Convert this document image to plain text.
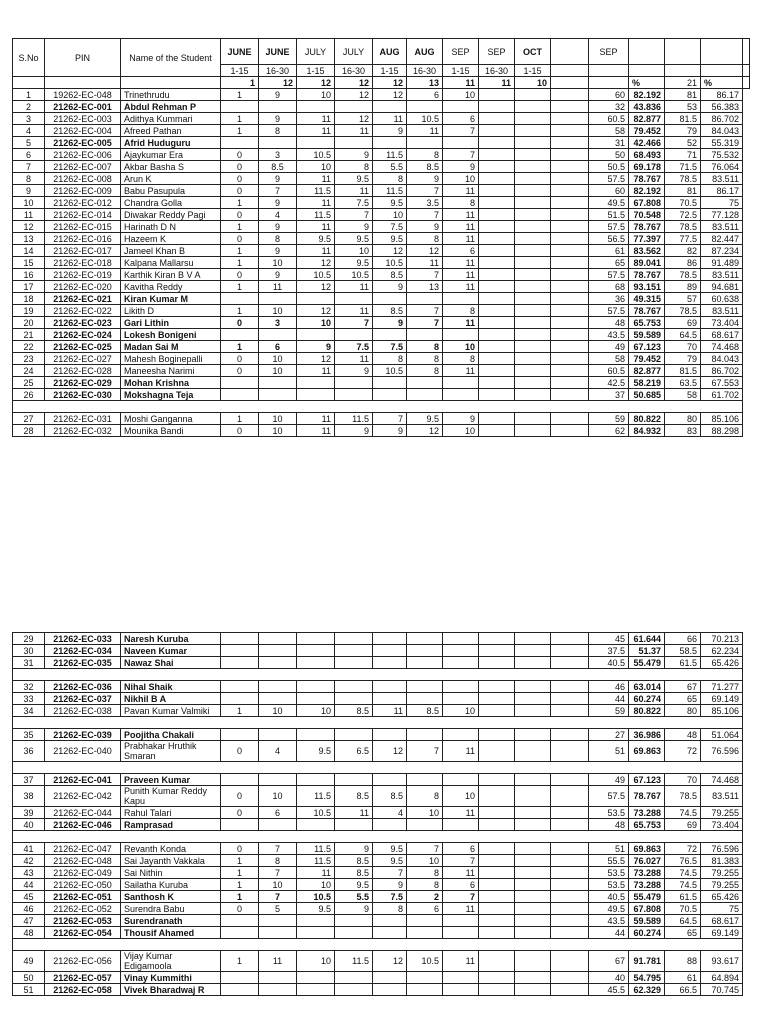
S.No	PIN	Name of the Student	JUNE	JUNE	JULY	JULY	AUG	AUG	SEP	SEP	OCT		SEP				
			1-15	16-30	1-15	16-30	1-15	16-30	1-15	16-30	1-15						
			1	12	12	12	12	13	11	11	10			%	21	%	
1	19262-EC-048	Trinethrudu	1	9	10	12	12	6	10				60	82.192	81	86.17	
2	21262-EC-001	Abdul Rehman P											32	43.836	53	56.383	
3	21262-EC-003	Adithya Kummari	1	9	11	12	11	10.5	6				60.5	82.877	81.5	86.702	
4	21262-EC-004	Afreed Pathan	1	8	11	11	9	11	7				58	79.452	79	84.043	
5	21262-EC-005	Afrid Huduguru											31	42.466	52	55.319	
6	21262-EC-006	Ajaykumar Era	0	3	10.5	9	11.5	8	7				50	68.493	71	75.532	
7	21262-EC-007	Akbar Basha S	0	8.5	10	8	5.5	8.5	9				50.5	69.178	71.5	76.064	
8	21262-EC-008	Arun K	0	9	11	9.5	8	9	10				57.5	78.767	78.5	83.511	
9	21262-EC-009	Babu Pasupula	0	7	11.5	11	11.5	7	11				60	82.192	81	86.17	
10	21262-EC-012	Chandra Golla	1	9	11	7.5	9.5	3.5	8				49.5	67.808	70.5	75	
11	21262-EC-014	Diwakar Reddy Pagi	0	4	11.5	7	10	7	11				51.5	70.548	72.5	77.128	
12	21262-EC-015	Harinath D N	1	9	11	9	7.5	9	11				57.5	78.767	78.5	83.511	
13	21262-EC-016	Hazeem K	0	8	9.5	9.5	9.5	8	11				56.5	77.397	77.5	82.447	
14	21262-EC-017	Jameel Khan B	1	9	11	10	12	12	6				61	83.562	82	87.234	
15	21262-EC-018	Kalpana Mallarsu	1	10	12	9.5	10.5	11	11				65	89.041	86	91.489	
16	21262-EC-019	Karthik Kiran B V A	0	9	10.5	10.5	8.5	7	11				57.5	78.767	78.5	83.511	
17	21262-EC-020	Kavitha Reddy	1	11	12	11	9	13	11				68	93.151	89	94.681	
18	21262-EC-021	Kiran Kumar M											36	49.315	57	60.638	
19	21262-EC-022	Likith D	1	10	12	11	8.5	7	8				57.5	78.767	78.5	83.511	
20	21262-EC-023	Gari Lithin	0	3	10	7	9	7	11				48	65.753	69	73.404	
21	21262-EC-024	Lokesh Bonigeni											43.5	59.589	64.5	68.617	
22	21262-EC-025	Madan Sai M	1	6	9	7.5	7.5	8	10				49	67.123	70	74.468	
23	21262-EC-027	Mahesh Boginepalli	0	10	12	11	8	8	8				58	79.452	79	84.043	
24	21262-EC-028	Maneesha Narimi	0	10	11	9	10.5	8	11				60.5	82.877	81.5	86.702	
25	21262-EC-029	Mohan Krishna											42.5	58.219	63.5	67.553	
26	21262-EC-030	Mokshagna Teja											37	50.685	58	61.702	

27	21262-EC-031	Moshi Ganganna	1	10	11	11.5	7	9.5	9				59	80.822	80	85.106	
28	21262-EC-032	Mounika Bandi	0	10	11	9	9	12	10				62	84.932	83	88.298	
29	21262-EC-033	Naresh Kuruba											45	61.644	66	70.213
30	21262-EC-034	Naveen Kumar											37.5	51.37	58.5	62.234
31	21262-EC-035	Nawaz Shai											40.5	55.479	61.5	65.426

32	21262-EC-036	Nihal Shaik											46	63.014	67	71.277
33	21262-EC-037	Nikhil B A											44	60.274	65	69.149
34	21262-EC-038	Pavan Kumar Valmiki	1	10	10	8.5	11	8.5	10				59	80.822	80	85.106

35	21262-EC-039	Poojitha Chakali											27	36.986	48	51.064
36	21262-EC-040	Prabhakar Hruthik Smaran	0	4	9.5	6.5	12	7	11				51	69.863	72	76.596

37	21262-EC-041	Praveen Kumar											49	67.123	70	74.468
38	21262-EC-042	Punith Kumar Reddy Kapu	0	10	11.5	8.5	8.5	8	10				57.5	78.767	78.5	83.511
39	21262-EC-044	Rahul Talari	0	6	10.5	11	4	10	11				53.5	73.288	74.5	79.255
40	21262-EC-046	Ramprasad											48	65.753	69	73.404

41	21262-EC-047	Revanth Konda	0	7	11.5	9	9.5	7	6				51	69.863	72	76.596
42	21262-EC-048	Sai Jayanth Vakkala	1	8	11.5	8.5	9.5	10	7				55.5	76.027	76.5	81.383
43	21262-EC-049	Sai Nithin	1	7	11	8.5	7	8	11				53.5	73.288	74.5	79.255
44	21262-EC-050	Sailatha Kuruba	1	10	10	9.5	9	8	6				53.5	73.288	74.5	79.255
45	21262-EC-051	Santhosh K	1	7	10.5	5.5	7.5	2	7				40.5	55.479	61.5	65.426
46	21262-EC-052	Surendra Babu	0	5	9.5	9	8	6	11				49.5	67.808	70.5	75
47	21262-EC-053	Surendranath											43.5	59.589	64.5	68.617
48	21262-EC-054	Thousif Ahamed											44	60.274	65	69.149

49	21262-EC-056	Vijay Kumar Edigamoola	1	11	10	11.5	12	10.5	11				67	91.781	88	93.617
50	21262-EC-057	Vinay Kummithi											40	54.795	61	64.894
51	21262-EC-058	Vivek Bharadwaj R											45.5	62.329	66.5	70.745
